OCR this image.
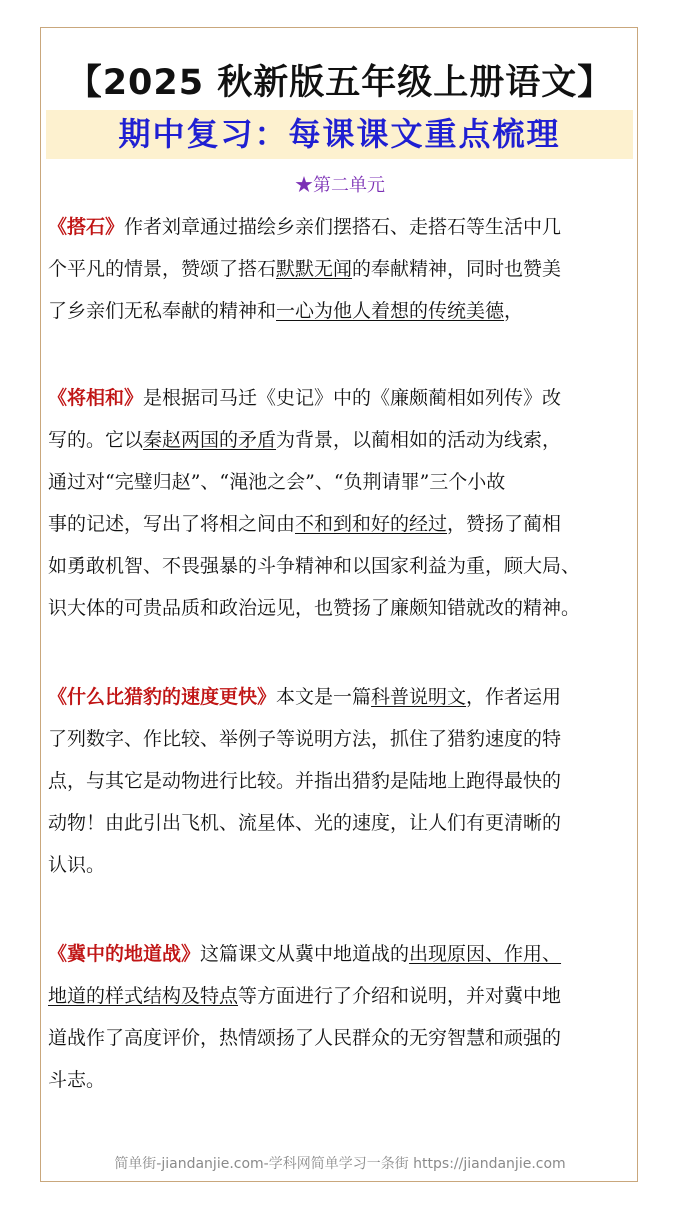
【2025 秋新版五年级上册语文】
期中复习：每课课文重点梳理
★第二单元
《搭石》作者刘章通过描绘乡亲们摆搭石、走搭石等生活中几
个平凡的情景，赞颂了搭石默默无闻的奉献精神，同时也赞美
了乡亲们无私奉献的精神和一心为他人着想的传统美德，
《将相和》是根据司马迁《史记》中的《廉颇蔺相如列传》改
写的。它以秦赵两国的矛盾为背景，以蔺相如的活动为线索，
通过对“完璧归赵”、“渑池之会”、“负荆请罪”三个小故
事的记述，写出了将相之间由不和到和好的经过，赞扬了蔺相
如勇敢机智、不畏强暴的斗争精神和以国家利益为重，顾大局、
识大体的可贵品质和政治远见，也赞扬了廉颇知错就改的精神。
《什么比猎豹的速度更快》本文是一篇科普说明文，作者运用
了列数字、作比较、举例子等说明方法，抓住了猎豹速度的特
点，与其它是动物进行比较。并指出猎豹是陆地上跑得最快的
动物！由此引出飞机、流星体、光的速度，让人们有更清晰的
认识。
《冀中的地道战》这篇课文从冀中地道战的出现原因、作用、
地道的样式结构及特点等方面进行了介绍和说明，并对冀中地
道战作了高度评价，热情颂扬了人民群众的无穷智慧和顽强的
斗志。
简单街-jiandanjie.com-学科网简单学习一条街 https://jiandanjie.com
